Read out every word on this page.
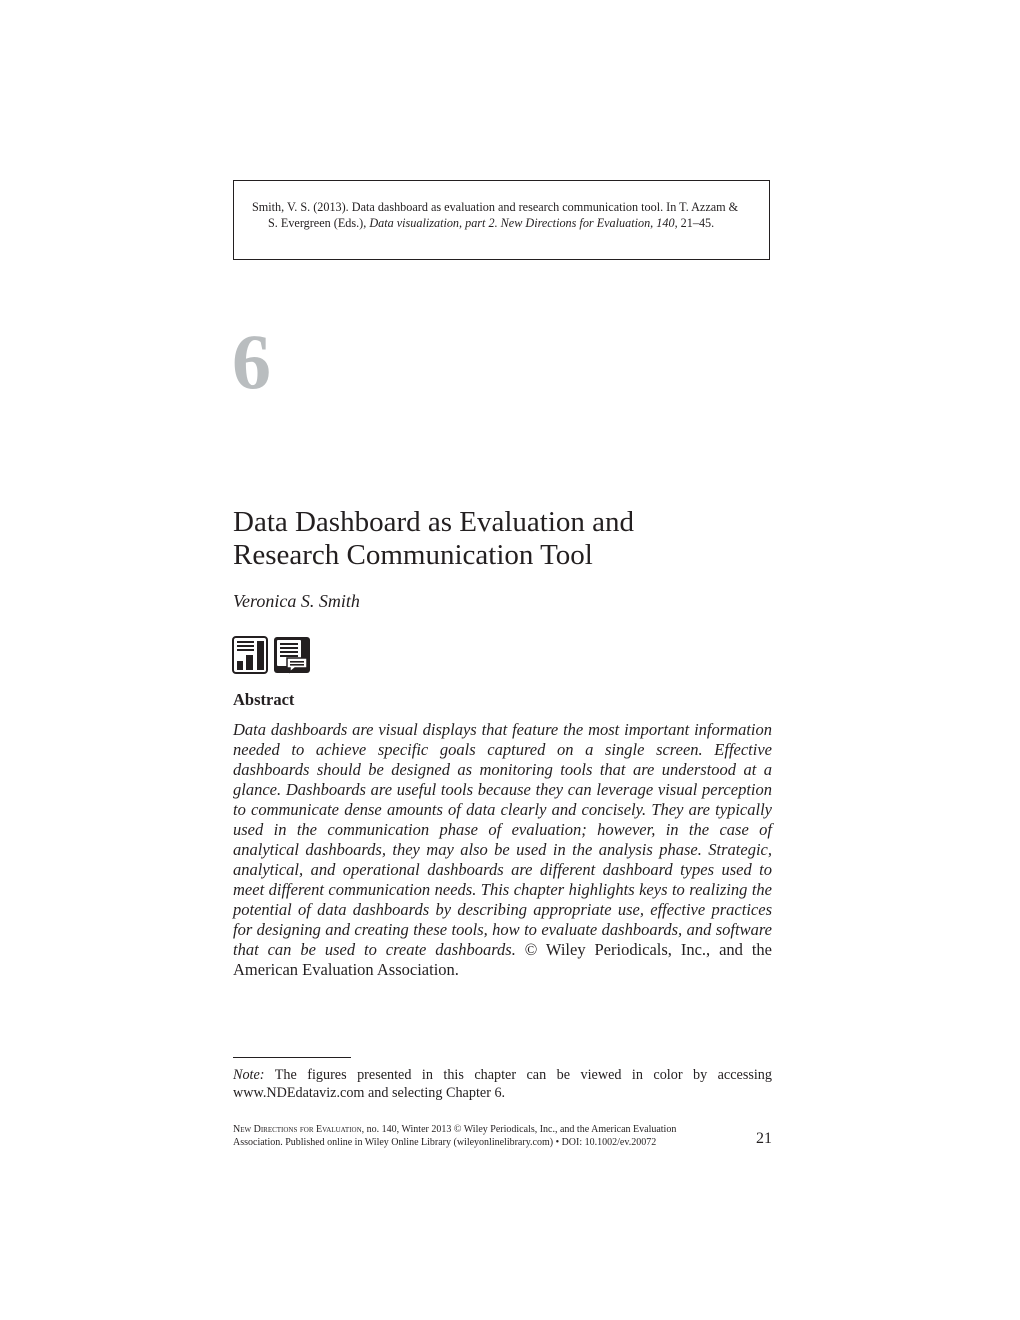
Smith, V. S. (2013). Data dashboard as evaluation and research communication tool. In T. Azzam & S. Evergreen (Eds.), Data visualization, part 2. New Directions for Evaluation, 140, 21–45.

6

Data Dashboard as Evaluation and
Research Communication Tool

Veronica S. Smith

Abstract

Data dashboards are visual displays that feature the most important information needed to achieve specific goals captured on a single screen. Effective dashboards should be designed as monitoring tools that are understood at a glance. Dashboards are useful tools because they can leverage visual perception to communicate dense amounts of data clearly and concisely. They are typically used in the communication phase of evaluation; however, in the case of analytical dashboards, they may also be used in the analysis phase. Strategic, analytical, and operational dashboards are different dashboard types used to meet different communication needs. This chapter highlights keys to realizing the potential of data dashboards by describing appropriate use, effective practices for designing and creating these tools, how to evaluate dashboards, and software that can be used to create dashboards. © Wiley Periodicals, Inc., and the American Evaluation Association.

Note: The figures presented in this chapter can be viewed in color by accessing www.NDEdataviz.com and selecting Chapter 6.

New Directions for Evaluation, no. 140, Winter 2013 © Wiley Periodicals, Inc., and the American Evaluation Association. Published online in Wiley Online Library (wileyonlinelibrary.com) • DOI: 10.1002/ev.20072	21
